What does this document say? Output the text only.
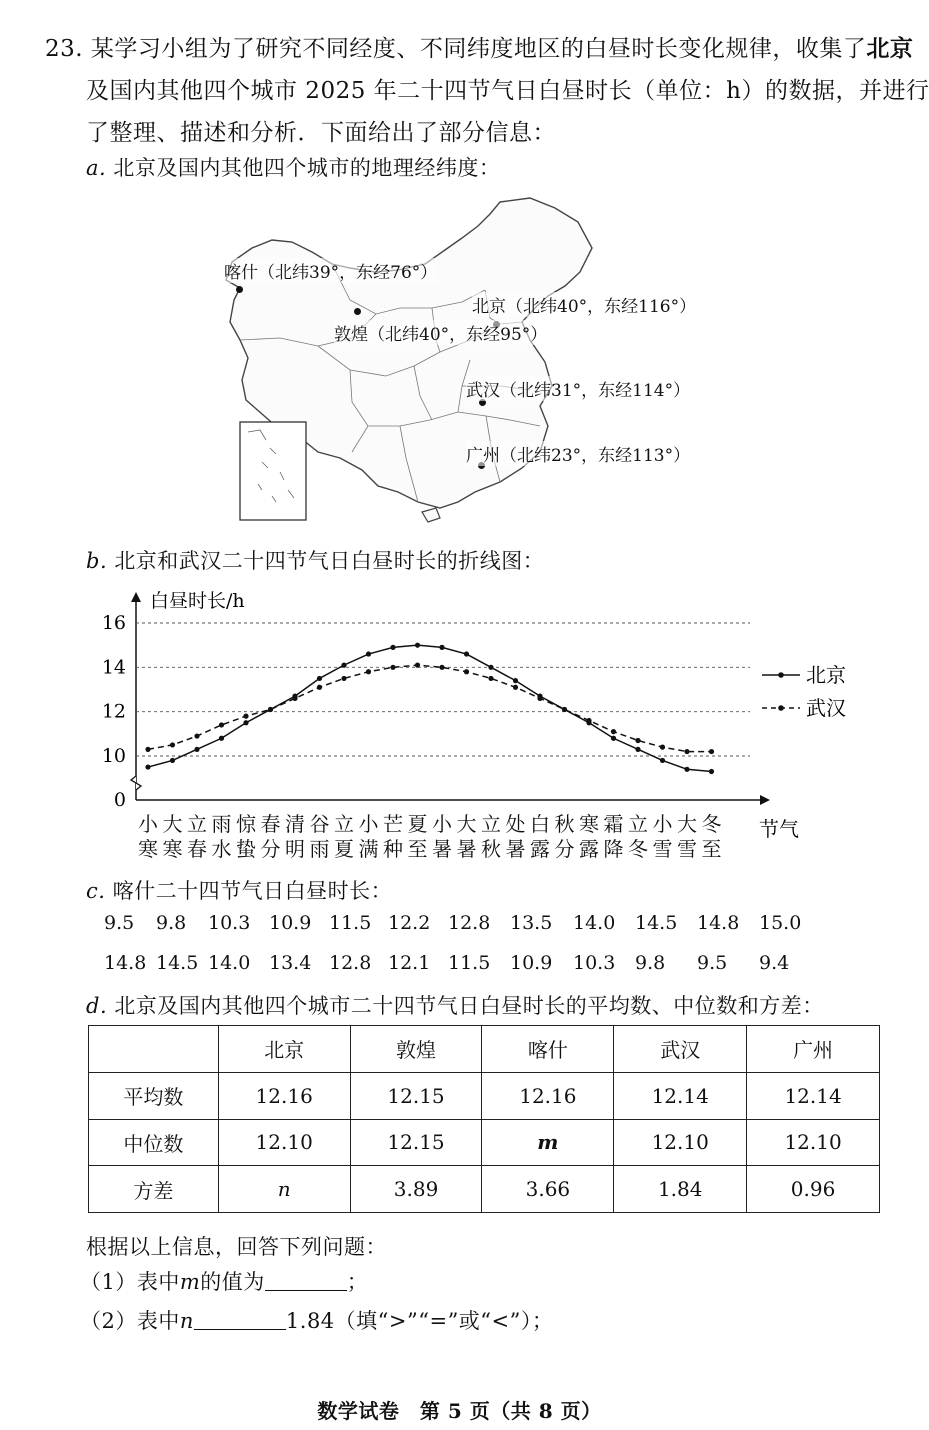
23. 某学习小组为了研究不同经度、不同纬度地区的白昼时长变化规律，收集了北京
及国内其他四个城市 2025 年二十四节气日白昼时长（单位：h）的数据，并进行
了整理、描述和分析．下面给出了部分信息：
a. 北京及国内其他四个城市的地理经纬度：
喀什（北纬39°，东经76°）
北京（北纬40°，东经116°）
敦煌（北纬40°，东经95°）
武汉（北纬31°，东经114°）
广州（北纬23°，东经113°）
b. 北京和武汉二十四节气日白昼时长的折线图：
0
10
12
14
16
白昼时长/h
节气
北京
武汉
小
寒
大
寒
立
春
雨
水
惊
蛰
春
分
清
明
谷
雨
立
夏
小
满
芒
种
夏
至
小
暑
大
暑
立
秋
处
暑
白
露
秋
分
寒
露
霜
降
立
冬
小
雪
大
雪
冬
至
c. 喀什二十四节气日白昼时长：
9.5 9.8 10.3 10.9 11.5 12.2 12.8 13.5 14.0 14.5 14.8 15.0
14.8 14.5 14.0 13.4 12.8 12.1 11.5 10.9 10.3 9.8 9.5 9.4
d. 北京及国内其他四个城市二十四节气日白昼时长的平均数、中位数和方差：
	北京	敦煌	喀什	武汉	广州
平均数	12.16	12.15	12.16	12.14	12.14
中位数	12.10	12.15	m	12.10	12.10
方差	n	3.89	3.66	1.84	0.96
根据以上信息，回答下列问题：
（1）表中m的值为	；
（2）表中n	1.84（填“>”“=”或“<”）；
数学试卷　第 5 页（共 8 页）
